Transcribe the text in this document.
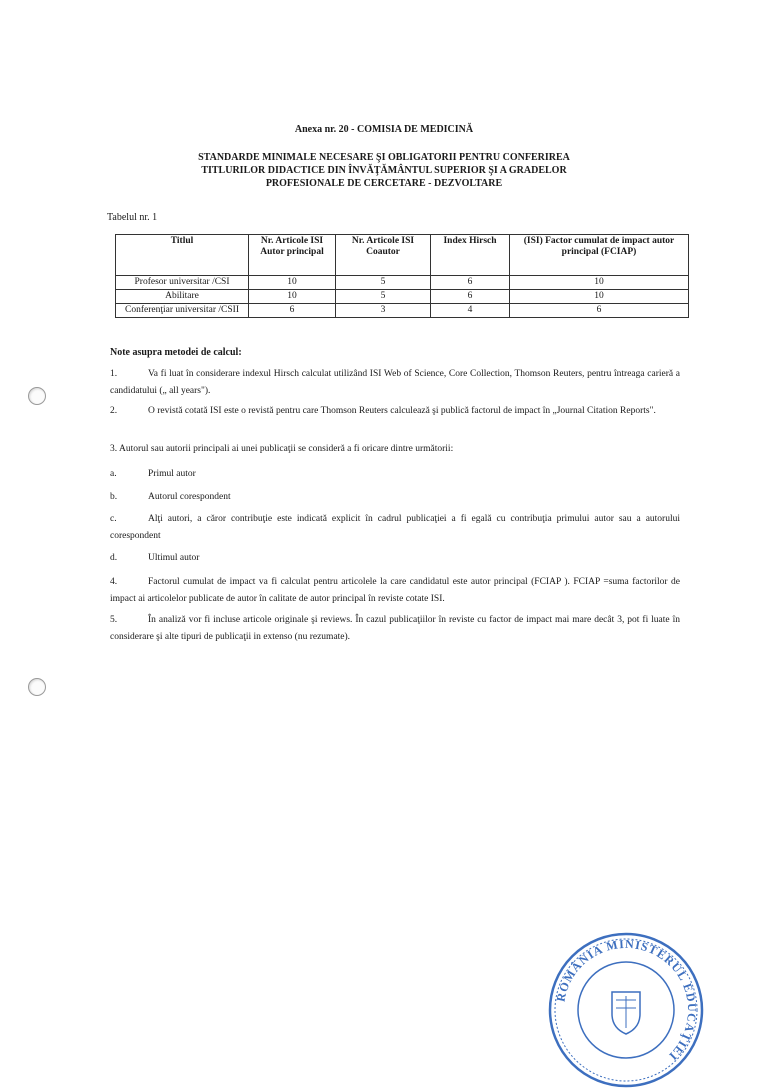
Anexa nr. 20 - COMISIA DE MEDICINĂ
STANDARDE MINIMALE NECESARE ŞI OBLIGATORII PENTRU CONFERIREA
TITLURILOR DIDACTICE DIN ÎNVĂŢĂMÂNTUL SUPERIOR ŞI A GRADELOR
PROFESIONALE DE CERCETARE - DEZVOLTARE
Tabelul nr. 1
Titlul	Nr. Articole ISI Autor principal	Nr. Articole ISI Coautor	Index Hirsch	(ISI) Factor cumulat de impact autor principal (FCIAP)
Profesor universitar /CSI	10	5	6	10
Abilitare	10	5	6	10
Conferenţiar universitar /CSII	6	3	4	6
Note asupra metodei de calcul:
1.	Va fi luat în considerare indexul Hirsch calculat utilizând ISI Web of Science, Core Collection, Thomson Reuters, pentru întreaga carieră a candidatului („ all years").
2.	O revistă cotată ISI este o revistă pentru care Thomson Reuters calculează şi publică factorul de impact în „Journal Citation Reports".
3. Autorul sau autorii principali ai unei publicaţii se consideră a fi oricare dintre următorii:
a.	Primul autor
b.	Autorul corespondent
c.	Alţi autori, a căror contribuţie este indicată explicit în cadrul publicaţiei a fi egală cu contribuţia primului autor sau a autorului corespondent
d.	Ultimul autor
4.	Factorul cumulat de impact va fi calculat pentru articolele la care candidatul este autor principal (FCIAP ). FCIAP =suma factorilor de impact ai articolelor publicate de autor în calitate de autor principal în reviste cotate ISI.
5.	În analiză vor fi incluse articole originale şi reviews. În cazul publicaţiilor în reviste cu factor de impact mai mare decât 3, pot fi luate în considerare şi alte tipuri de publicaţii in extenso (nu rezumate).
ROMÂNIA MINISTERUL EDUCAŢIEI
